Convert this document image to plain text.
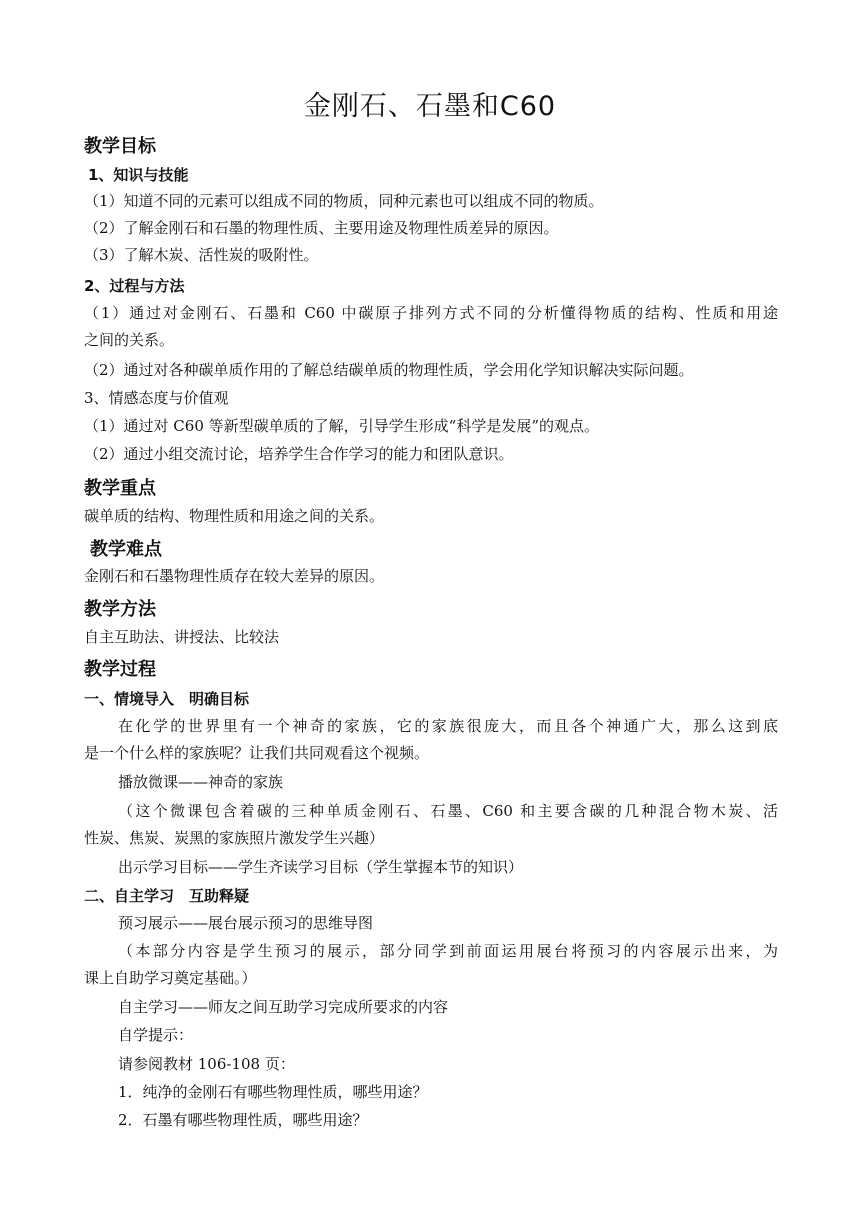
金刚石、石墨和C60
教学目标
1、知识与技能
（1）知道不同的元素可以组成不同的物质，同种元素也可以组成不同的物质。
（2）了解金刚石和石墨的物理性质、主要用途及物理性质差异的原因。
（3）了解木炭、活性炭的吸附性。
2、过程与方法
（1）通过对金刚石、石墨和 C60 中碳原子排列方式不同的分析懂得物质的结构、性质和用途
之间的关系。
（2）通过对各种碳单质作用的了解总结碳单质的物理性质，学会用化学知识解决实际问题。
3、情感态度与价值观
（1）通过对 C60 等新型碳单质的了解，引导学生形成“科学是发展”的观点。
（2）通过小组交流讨论，培养学生合作学习的能力和团队意识。
教学重点
碳单质的结构、物理性质和用途之间的关系。
教学难点
金刚石和石墨物理性质存在较大差异的原因。
教学方法
自主互助法、讲授法、比较法
教学过程
一、情境导入　明确目标
在化学的世界里有一个神奇的家族，它的家族很庞大，而且各个神通广大，那么这到底
是一个什么样的家族呢？让我们共同观看这个视频。
播放微课——神奇的家族
（这个微课包含着碳的三种单质金刚石、石墨、C60 和主要含碳的几种混合物木炭、活
性炭、焦炭、炭黑的家族照片激发学生兴趣）
出示学习目标——学生齐读学习目标（学生掌握本节的知识）
二、自主学习　互助释疑
预习展示——展台展示预习的思维导图
（本部分内容是学生预习的展示，部分同学到前面运用展台将预习的内容展示出来，为
课上自助学习奠定基础。）
自主学习——师友之间互助学习完成所要求的内容
自学提示：
请参阅教材 106-108 页：
1．纯净的金刚石有哪些物理性质，哪些用途？
2．石墨有哪些物理性质，哪些用途？
